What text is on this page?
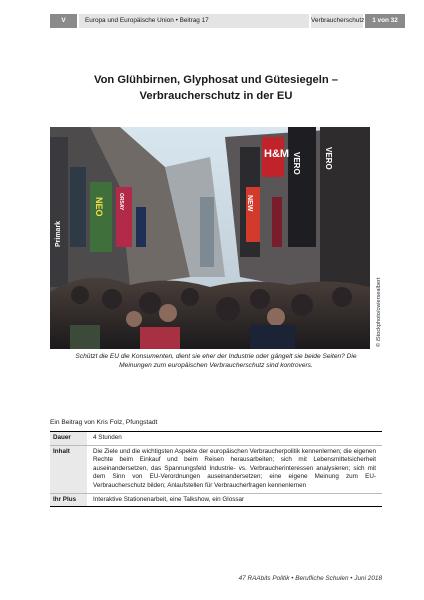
V	Europa und Europäische Union • Beitrag 17	Verbraucherschutz	1 von 32
Von Glühbirnen, Glyphosat und Gütesiegeln –
Verbraucherschutz in der EU
H&M VERO
Primark
NEO	NEW
VERO
ORSAY
© iStockphoto/cwiersealbert
Schützt die EU die Konsumenten, dient sie eher der Industrie oder gängelt sie beide Seiten? Die
Meinungen zum europäischen Verbraucherschutz sind kontrovers.
Ein Beitrag von Kris Folz, Pfungstadt
Dauer	4 Stunden
Inhalt	Die Ziele und die wichtigsten Aspekte der europäischen Verbraucherpolitik kennenlernen; die eigenen Rechte beim Einkauf und beim Reisen herausarbeiten; sich mit Lebensmittelsicherheit auseinandersetzen, das Spannungsfeld Industrie- vs. Verbraucherinteressen analysieren; sich mit dem Sinn von EU-Verordnungen auseinandersetzen; eine eigene Meinung zum EU-Verbraucherschutz bilden; Anlaufstellen für Verbraucherfragen kennenlernen
Ihr Plus	Interaktive Stationenarbeit, eine Talkshow, ein Glossar
47 RAAbits Politik • Berufliche Schulen • Juni 2018
